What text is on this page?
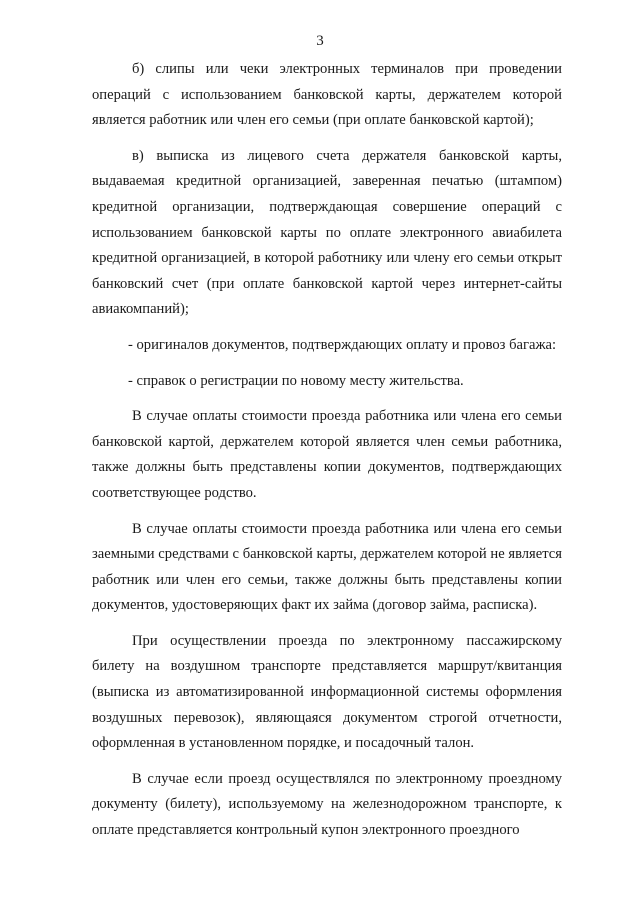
3

б) слипы или чеки электронных терминалов при проведении операций с использованием банковской карты, держателем которой является работник или член его семьи (при оплате банковской картой);

в) выписка из лицевого счета держателя банковской карты, выдаваемая кредитной организацией, заверенная печатью (штампом) кредитной организации, подтверждающая совершение операций с использованием банковской карты по оплате электронного авиабилета кредитной организацией, в которой работнику или члену его семьи открыт банковский счет (при оплате банковской картой через интернет-сайты авиакомпаний);

- оригиналов документов, подтверждающих оплату и провоз багажа:

- справок о регистрации по новому месту жительства.

В случае оплаты стоимости проезда работника или члена его семьи банковской картой, держателем которой является член семьи работника, также должны быть представлены копии документов, подтверждающих соответствующее родство.

В случае оплаты стоимости проезда работника или члена его семьи заемными средствами с банковской карты, держателем которой не является работник или член его семьи, также должны быть представлены копии документов, удостоверяющих факт их займа (договор займа, расписка).

При осуществлении проезда по электронному пассажирскому билету на воздушном транспорте представляется маршрут/квитанция (выписка из автоматизированной информационной системы оформления воздушных перевозок), являющаяся документом строгой отчетности, оформленная в установленном порядке, и посадочный талон.

В случае если проезд осуществлялся по электронному проездному документу (билету), используемому на железнодорожном транспорте, к оплате представляется контрольный купон электронного проездного
